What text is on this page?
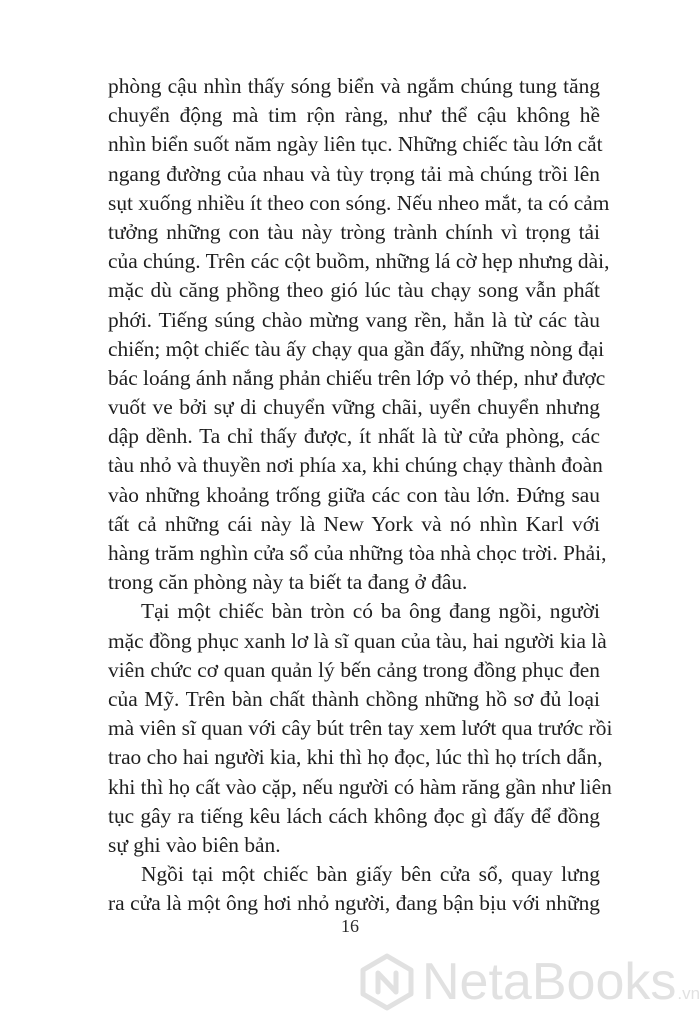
phòng cậu nhìn thấy sóng biển và ngắm chúng tung tăng
chuyển động mà tim rộn ràng, như thể cậu không hề
nhìn biển suốt năm ngày liên tục. Những chiếc tàu lớn cắt
ngang đường của nhau và tùy trọng tải mà chúng trồi lên
sụt xuống nhiều ít theo con sóng. Nếu nheo mắt, ta có cảm
tưởng những con tàu này tròng trành chính vì trọng tải
của chúng. Trên các cột buồm, những lá cờ hẹp nhưng dài,
mặc dù căng phồng theo gió lúc tàu chạy song vẫn phất
phới. Tiếng súng chào mừng vang rền, hẳn là từ các tàu
chiến; một chiếc tàu ấy chạy qua gần đấy, những nòng đại
bác loáng ánh nắng phản chiếu trên lớp vỏ thép, như được
vuốt ve bởi sự di chuyển vững chãi, uyển chuyển nhưng
dập dềnh. Ta chỉ thấy được, ít nhất là từ cửa phòng, các
tàu nhỏ và thuyền nơi phía xa, khi chúng chạy thành đoàn
vào những khoảng trống giữa các con tàu lớn. Đứng sau
tất cả những cái này là New York và nó nhìn Karl với
hàng trăm nghìn cửa sổ của những tòa nhà chọc trời. Phải,
trong căn phòng này ta biết ta đang ở đâu.
Tại một chiếc bàn tròn có ba ông đang ngồi, người
mặc đồng phục xanh lơ là sĩ quan của tàu, hai người kia là
viên chức cơ quan quản lý bến cảng trong đồng phục đen
của Mỹ. Trên bàn chất thành chồng những hồ sơ đủ loại
mà viên sĩ quan với cây bút trên tay xem lướt qua trước rồi
trao cho hai người kia, khi thì họ đọc, lúc thì họ trích dẫn,
khi thì họ cất vào cặp, nếu người có hàm răng gần như liên
tục gây ra tiếng kêu lách cách không đọc gì đấy để đồng
sự ghi vào biên bản.
Ngồi tại một chiếc bàn giấy bên cửa sổ, quay lưng
ra cửa là một ông hơi nhỏ người, đang bận bịu với những
16
NetaBooks .vn
